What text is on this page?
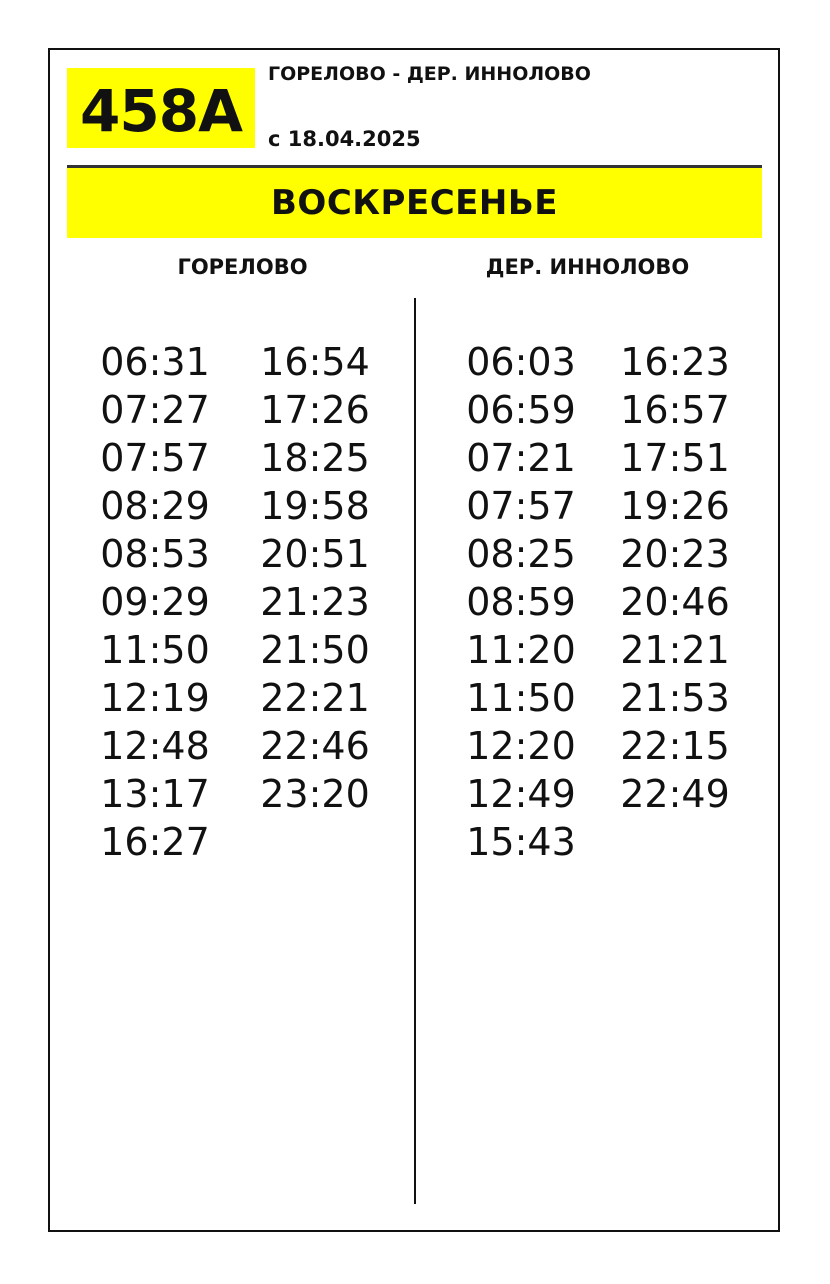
458А
ГОРЕЛОВО - ДЕР. ИННОЛОВО
с 18.04.2025
ВОСКРЕСЕНЬЕ
ГОРЕЛОВО	ДЕР. ИННОЛОВО
06:31
07:27
07:57
08:29
08:53
09:29
11:50
12:19
12:48
13:17
16:27
16:54
17:26
18:25
19:58
20:51
21:23
21:50
22:21
22:46
23:20
06:03
06:59
07:21
07:57
08:25
08:59
11:20
11:50
12:20
12:49
15:43
16:23
16:57
17:51
19:26
20:23
20:46
21:21
21:53
22:15
22:49
